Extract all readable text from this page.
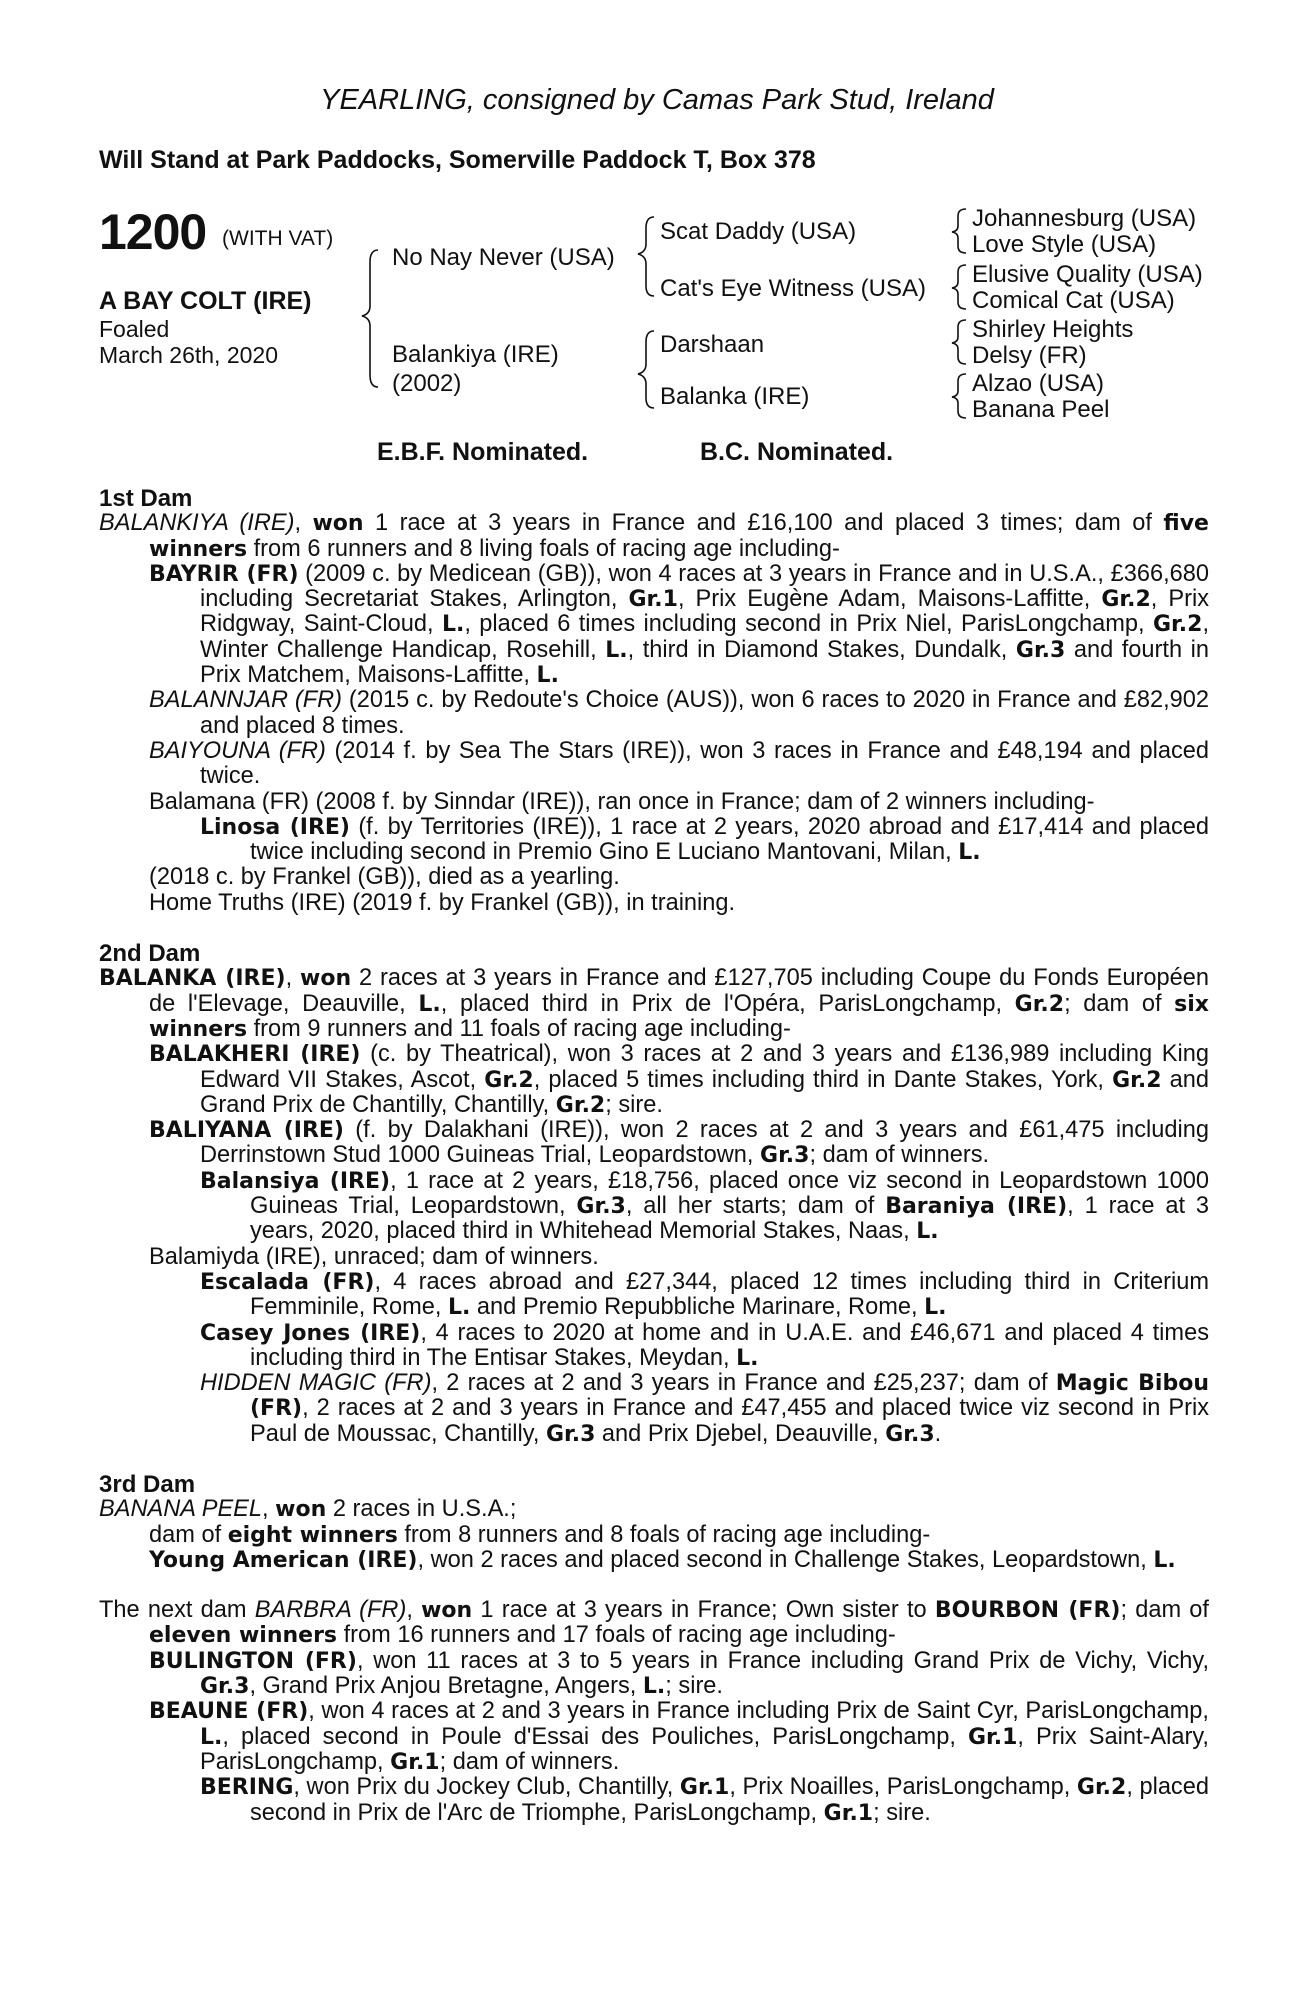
YEARLING, consigned by Camas Park Stud, Ireland
Will Stand at Park Paddocks, Somerville Paddock T, Box 378
1200 (WITH VAT)
A BAY COLT (IRE)
Foaled
March 26th, 2020
No Nay Never (USA)
Balankiya (IRE)
(2002)
Scat Daddy (USA)
Cat's Eye Witness (USA)
Darshaan
Balanka (IRE)
Johannesburg (USA)
Love Style (USA)
Elusive Quality (USA)
Comical Cat (USA)
Shirley Heights
Delsy (FR)
Alzao (USA)
Banana Peel
E.B.F. Nominated.	B.C. Nominated.
1st Dam
BALANKIYA (IRE), won 1 race at 3 years in France and £16,100 and placed 3 times; dam of five winners from 6 runners and 8 living foals of racing age including-
BAYRIR (FR) (2009 c. by Medicean (GB)), won 4 races at 3 years in France and in U.S.A., £366,680 including Secretariat Stakes, Arlington, Gr.1, Prix Eugène Adam, Maisons-Laffitte, Gr.2, Prix Ridgway, Saint-Cloud, L., placed 6 times including second in Prix Niel, ParisLongchamp, Gr.2, Winter Challenge Handicap, Rosehill, L., third in Diamond Stakes, Dundalk, Gr.3 and fourth in Prix Matchem, Maisons-Laffitte, L.
BALANNJAR (FR) (2015 c. by Redoute's Choice (AUS)), won 6 races to 2020 in France and £82,902 and placed 8 times.
BAIYOUNA (FR) (2014 f. by Sea The Stars (IRE)), won 3 races in France and £48,194 and placed twice.
Balamana (FR) (2008 f. by Sinndar (IRE)), ran once in France; dam of 2 winners including-
Linosa (IRE) (f. by Territories (IRE)), 1 race at 2 years, 2020 abroad and £17,414 and placed twice including second in Premio Gino E Luciano Mantovani, Milan, L.
(2018 c. by Frankel (GB)), died as a yearling.
Home Truths (IRE) (2019 f. by Frankel (GB)), in training.
2nd Dam
BALANKA (IRE), won 2 races at 3 years in France and £127,705 including Coupe du Fonds Européen de l'Elevage, Deauville, L., placed third in Prix de l'Opéra, ParisLongchamp, Gr.2; dam of six winners from 9 runners and 11 foals of racing age including-
BALAKHERI (IRE) (c. by Theatrical), won 3 races at 2 and 3 years and £136,989 including King Edward VII Stakes, Ascot, Gr.2, placed 5 times including third in Dante Stakes, York, Gr.2 and Grand Prix de Chantilly, Chantilly, Gr.2; sire.
BALIYANA (IRE) (f. by Dalakhani (IRE)), won 2 races at 2 and 3 years and £61,475 including Derrinstown Stud 1000 Guineas Trial, Leopardstown, Gr.3; dam of winners.
Balansiya (IRE), 1 race at 2 years, £18,756, placed once viz second in Leopardstown 1000 Guineas Trial, Leopardstown, Gr.3, all her starts; dam of Baraniya (IRE), 1 race at 3 years, 2020, placed third in Whitehead Memorial Stakes, Naas, L.
Balamiyda (IRE), unraced; dam of winners.
Escalada (FR), 4 races abroad and £27,344, placed 12 times including third in Criterium Femminile, Rome, L. and Premio Repubbliche Marinare, Rome, L.
Casey Jones (IRE), 4 races to 2020 at home and in U.A.E. and £46,671 and placed 4 times including third in The Entisar Stakes, Meydan, L.
HIDDEN MAGIC (FR), 2 races at 2 and 3 years in France and £25,237; dam of Magic Bibou (FR), 2 races at 2 and 3 years in France and £47,455 and placed twice viz second in Prix Paul de Moussac, Chantilly, Gr.3 and Prix Djebel, Deauville, Gr.3.
3rd Dam
BANANA PEEL, won 2 races in U.S.A.;
dam of eight winners from 8 runners and 8 foals of racing age including-
Young American (IRE), won 2 races and placed second in Challenge Stakes, Leopardstown, L.
The next dam BARBRA (FR), won 1 race at 3 years in France; Own sister to BOURBON (FR); dam of eleven winners from 16 runners and 17 foals of racing age including-
BULINGTON (FR), won 11 races at 3 to 5 years in France including Grand Prix de Vichy, Vichy, Gr.3, Grand Prix Anjou Bretagne, Angers, L.; sire.
BEAUNE (FR), won 4 races at 2 and 3 years in France including Prix de Saint Cyr, ParisLongchamp, L., placed second in Poule d'Essai des Pouliches, ParisLongchamp, Gr.1, Prix Saint-Alary, ParisLongchamp, Gr.1; dam of winners.
BERING, won Prix du Jockey Club, Chantilly, Gr.1, Prix Noailles, ParisLongchamp, Gr.2, placed second in Prix de l'Arc de Triomphe, ParisLongchamp, Gr.1; sire.
